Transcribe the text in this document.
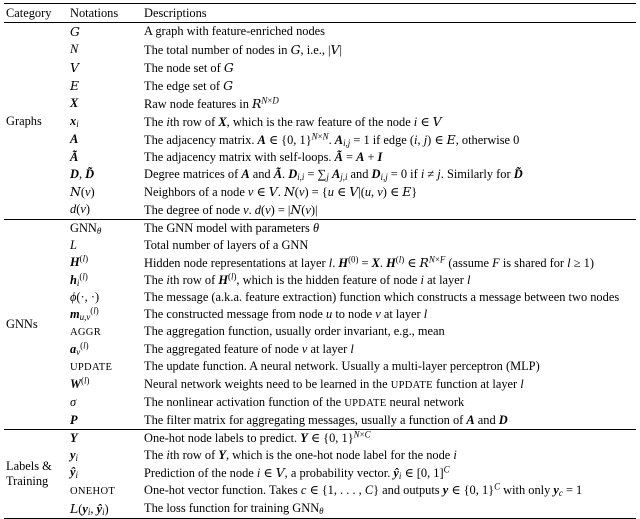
Category	Notations	Descriptions
Graphs	G	A graph with feature-enriched nodes
	N	The total number of nodes in G, i.e., |V|
	V	The node set of G
	E	The edge set of G
	X	Raw node features in $R^{N\times D}$
	$x_i$	The ith row of X, which is the raw feature of the node i ∈ V
	A	The adjacency matrix. A ∈ {0, 1}$^{N\times N}$. $A_{i,j} = 1$ if edge (i, j) ∈ E, otherwise 0
	Ã	The adjacency matrix with self-loops. Ã = A + I
	D, D̃	Degree matrices of A and Ã. $D_{i,i} = \sum_j$ $A_{j,i}$ and $D_{i,j} = 0$ if i ≠ j. Similarly for D̃
	N(v)	Neighbors of a node v ∈ V. N(v) = {u ∈ V|(u, v) ∈ E}
	d(v)	The degree of node v. d(v) = |N(v)|
GNNs	$GNN_\theta$	The GNN model with parameters θ
	L	Total number of layers of a GNN
	$H^{(l)}$	Hidden node representations at layer l. $H^{(0)} = X$. $H^{(l)}$ ∈ $R^{N\times F}$ (assume F is shared for l ≥ 1)
	$h_i^{(l)}$	The ith row of $H^{(l)}$, which is the hidden feature of node i at layer l
	ϕ(·, ·)	The message (a.k.a. feature extraction) function which constructs a message between two nodes
	$m_{u,v}^{(l)}$	The constructed message from node u to node v at layer l
	AGGR	The aggregation function, usually order invariant, e.g., mean
	$a_v^{(l)}$	The aggregated feature of node v at layer l
	UPDATE	The update function. A neural network. Usually a multi-layer perceptron (MLP)
	$W^{(l)}$	Neural network weights need to be learned in the UPDATE function at layer l
	σ	The nonlinear activation function of the UPDATE neural network
	P	The filter matrix for aggregating messages, usually a function of A and D
Labels & Training	Y	One-hot node labels to predict. Y ∈ {0, 1}$^{N\times C}$
	$y_i$	The ith row of Y, which is the one-hot node label for the node i
	$ŷ_i$	Prediction of the node i ∈ V, a probability vector. $ŷ_i$ ∈ [0, 1]$^C$
	ONEHOT	One-hot vector function. Takes c ∈ {1, . . . , C} and outputs y ∈ {0, 1}$^C$ with only $y_c = 1$
	$L(y_i$, $ŷ_i$)	The loss function for training $GNN_\theta$
